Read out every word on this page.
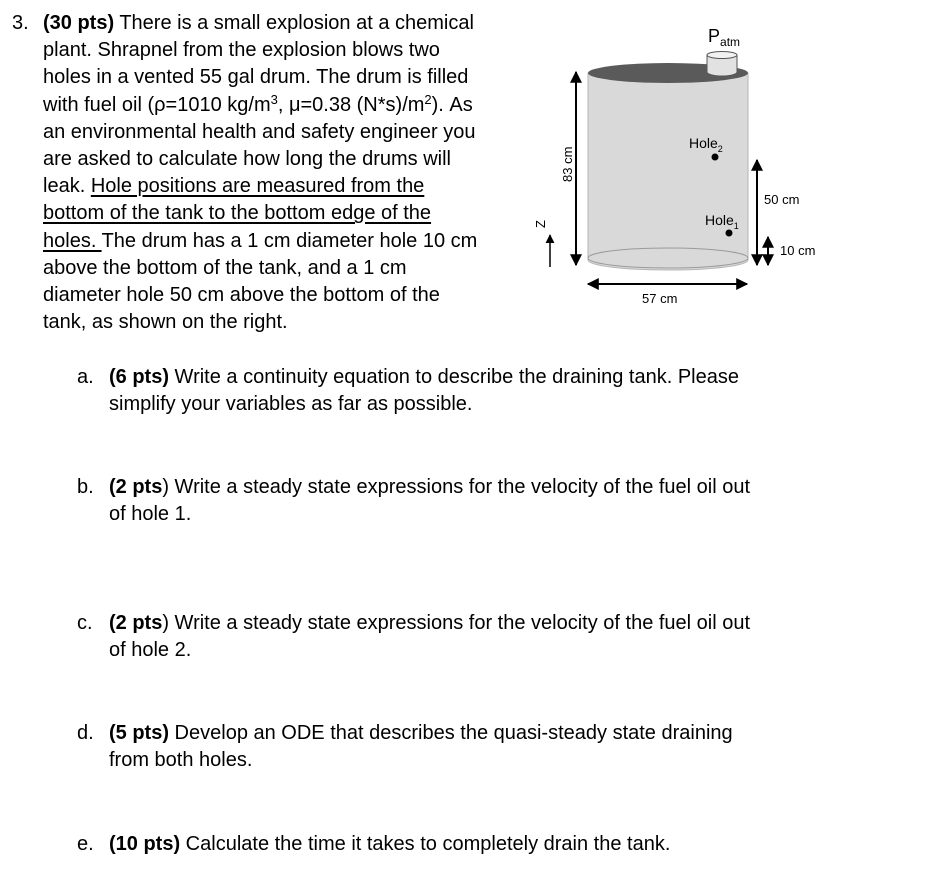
3. (30 pts) There is a small explosion at a chemical
plant. Shrapnel from the explosion blows two
holes in a vented 55 gal drum. The drum is filled
with fuel oil (ρ=1010 $kg/m^3$, μ=0.38 $(N*s)/m^2$). As
an environmental health and safety engineer you
are asked to calculate how long the drums will
leak. Hole positions are measured from the
bottom of the tank to the bottom edge of the
holes. The drum has a 1 cm diameter hole 10 cm
above the bottom of the tank, and a 1 cm
diameter hole 50 cm above the bottom of the
tank, as shown on the right.
$P_{atm}$
83 cm
Z
Hole$_2$
Hole$_1$
50 cm
10 cm
57 cm
a. (6 pts) Write a continuity equation to describe the draining tank. Please
simplify your variables as far as possible.
b. (2 pts) Write a steady state expressions for the velocity of the fuel oil out
of hole 1.
c. (2 pts) Write a steady state expressions for the velocity of the fuel oil out
of hole 2.
d. (5 pts) Develop an ODE that describes the quasi-steady state draining
from both holes.
e. (10 pts) Calculate the time it takes to completely drain the tank.
